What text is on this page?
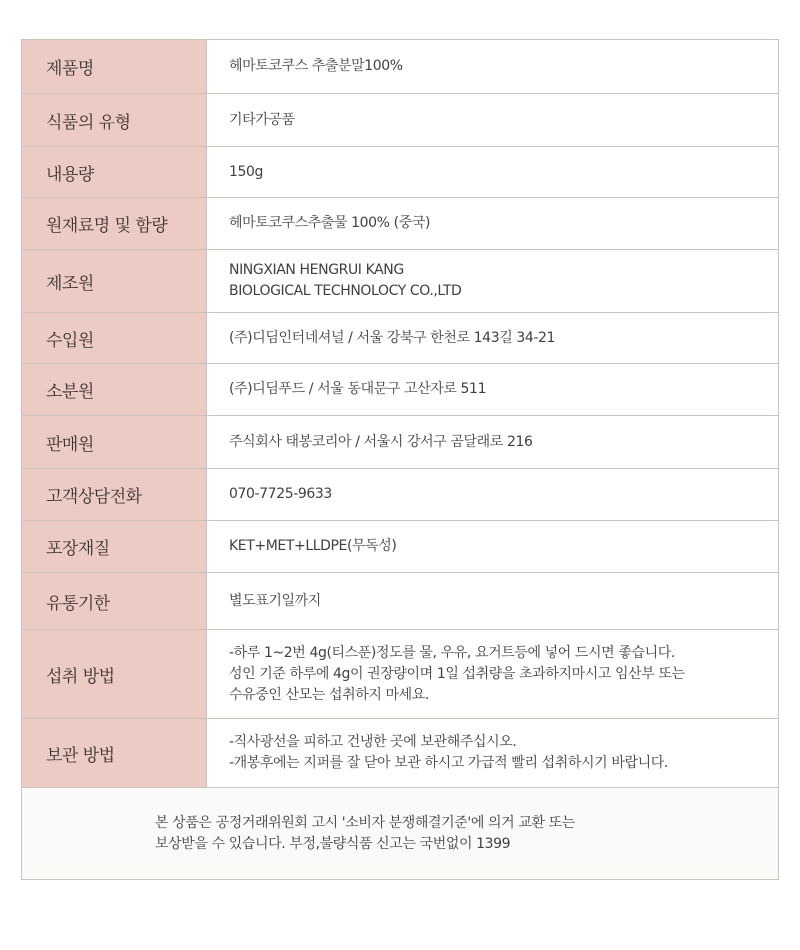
제품명	헤마토코쿠스 추출분말100%

식품의 유형	기타가공품

내용량	150g

원재료명 및 함량	헤마토코쿠스추출물 100% (중국)

제조원	NINGXIAN HENGRUI KANG
BIOLOGICAL TECHNOLOCY CO.,LTD

수입원	(주)디딤인터네셔널 / 서울 강북구 한천로 143길 34-21

소분원	(주)디딤푸드 / 서울 동대문구 고산자로 511

판매원	주식회사 태봉코리아 / 서울시 강서구 곰달래로 216

고객상담전화	070-7725-9633

포장재질	KET+MET+LLDPE(무독성)

유통기한	별도표기일까지

섭취 방법	-하루 1~2번 4g(티스푼)정도를 물, 우유, 요거트등에 넣어 드시면 좋습니다.
성인 기준 하루에 4g이 권장량이며 1일 섭취량을 초과하지마시고 임산부 또는
수유중인 산모는 섭취하지 마세요.

보관 방법	-직사광선을 피하고 건냉한 곳에 보관해주십시오.
-개봉후에는 지퍼를 잘 닫아 보관 하시고 가급적 빨리 섭취하시기 바랍니다.

본 상품은 공정거래위원회 고시 '소비자 분쟁해결기준'에 의거 교환 또는
보상받을 수 있습니다. 부정,불량식품 신고는 국번없이 1399	
